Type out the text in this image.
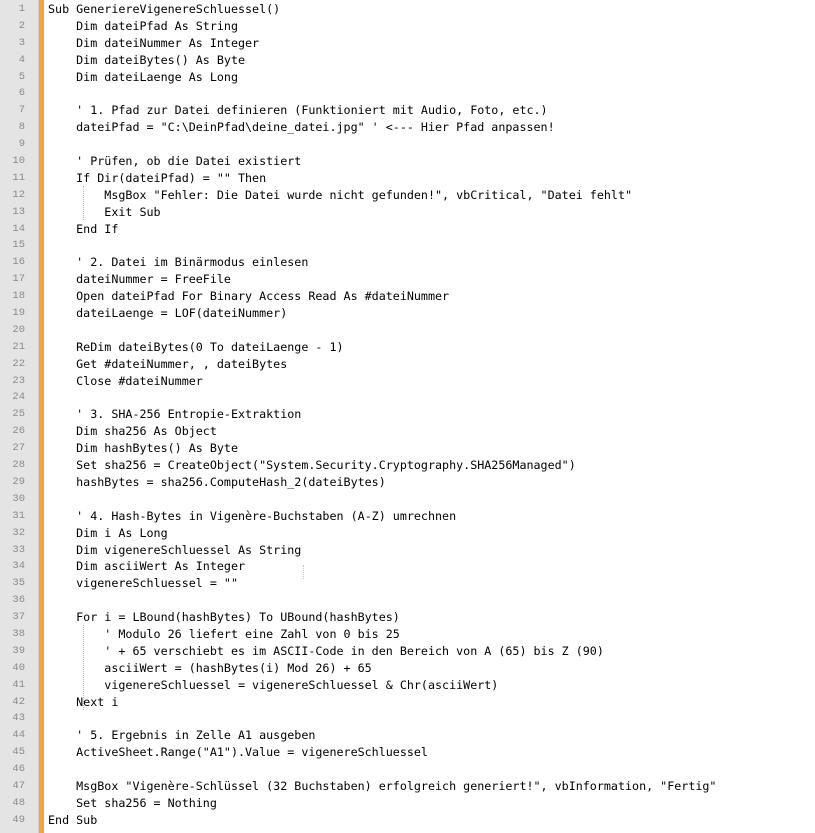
1 Sub GeneriereVigenereSchluessel()
2 Dim dateiPfad As String
3 Dim dateiNummer As Integer
4 Dim dateiBytes() As Byte
5 Dim dateiLaenge As Long
6
7 ' 1. Pfad zur Datei definieren (Funktioniert mit Audio, Foto, etc.)
8 dateiPfad = "C:\DeinPfad\deine_datei.jpg" ' <--- Hier Pfad anpassen!
9
10 ' Prüfen, ob die Datei existiert
11 If Dir(dateiPfad) = "" Then
12 MsgBox "Fehler: Die Datei wurde nicht gefunden!", vbCritical, "Datei fehlt"
13 Exit Sub
14 End If
15
16 ' 2. Datei im Binärmodus einlesen
17 dateiNummer = FreeFile
18 Open dateiPfad For Binary Access Read As #dateiNummer
19 dateiLaenge = LOF(dateiNummer)
20
21 ReDim dateiBytes(0 To dateiLaenge - 1)
22 Get #dateiNummer, , dateiBytes
23 Close #dateiNummer
24
25 ' 3. SHA-256 Entropie-Extraktion
26 Dim sha256 As Object
27 Dim hashBytes() As Byte
28 Set sha256 = CreateObject("System.Security.Cryptography.SHA256Managed")
29 hashBytes = sha256.ComputeHash_2(dateiBytes)
30
31 ' 4. Hash-Bytes in Vigenère-Buchstaben (A-Z) umrechnen
32 Dim i As Long
33 Dim vigenereSchluessel As String
34 Dim asciiWert As Integer
35 vigenereSchluessel = ""
36
37 For i = LBound(hashBytes) To UBound(hashBytes)
38 ' Modulo 26 liefert eine Zahl von 0 bis 25
39 ' + 65 verschiebt es im ASCII-Code in den Bereich von A (65) bis Z (90)
40 asciiWert = (hashBytes(i) Mod 26) + 65
41 vigenereSchluessel = vigenereSchluessel & Chr(asciiWert)
42 Next i
43
44 ' 5. Ergebnis in Zelle A1 ausgeben
45 ActiveSheet.Range("A1").Value = vigenereSchluessel
46
47 MsgBox "Vigenère-Schlüssel (32 Buchstaben) erfolgreich generiert!", vbInformation, "Fertig"
48 Set sha256 = Nothing
49 End Sub
